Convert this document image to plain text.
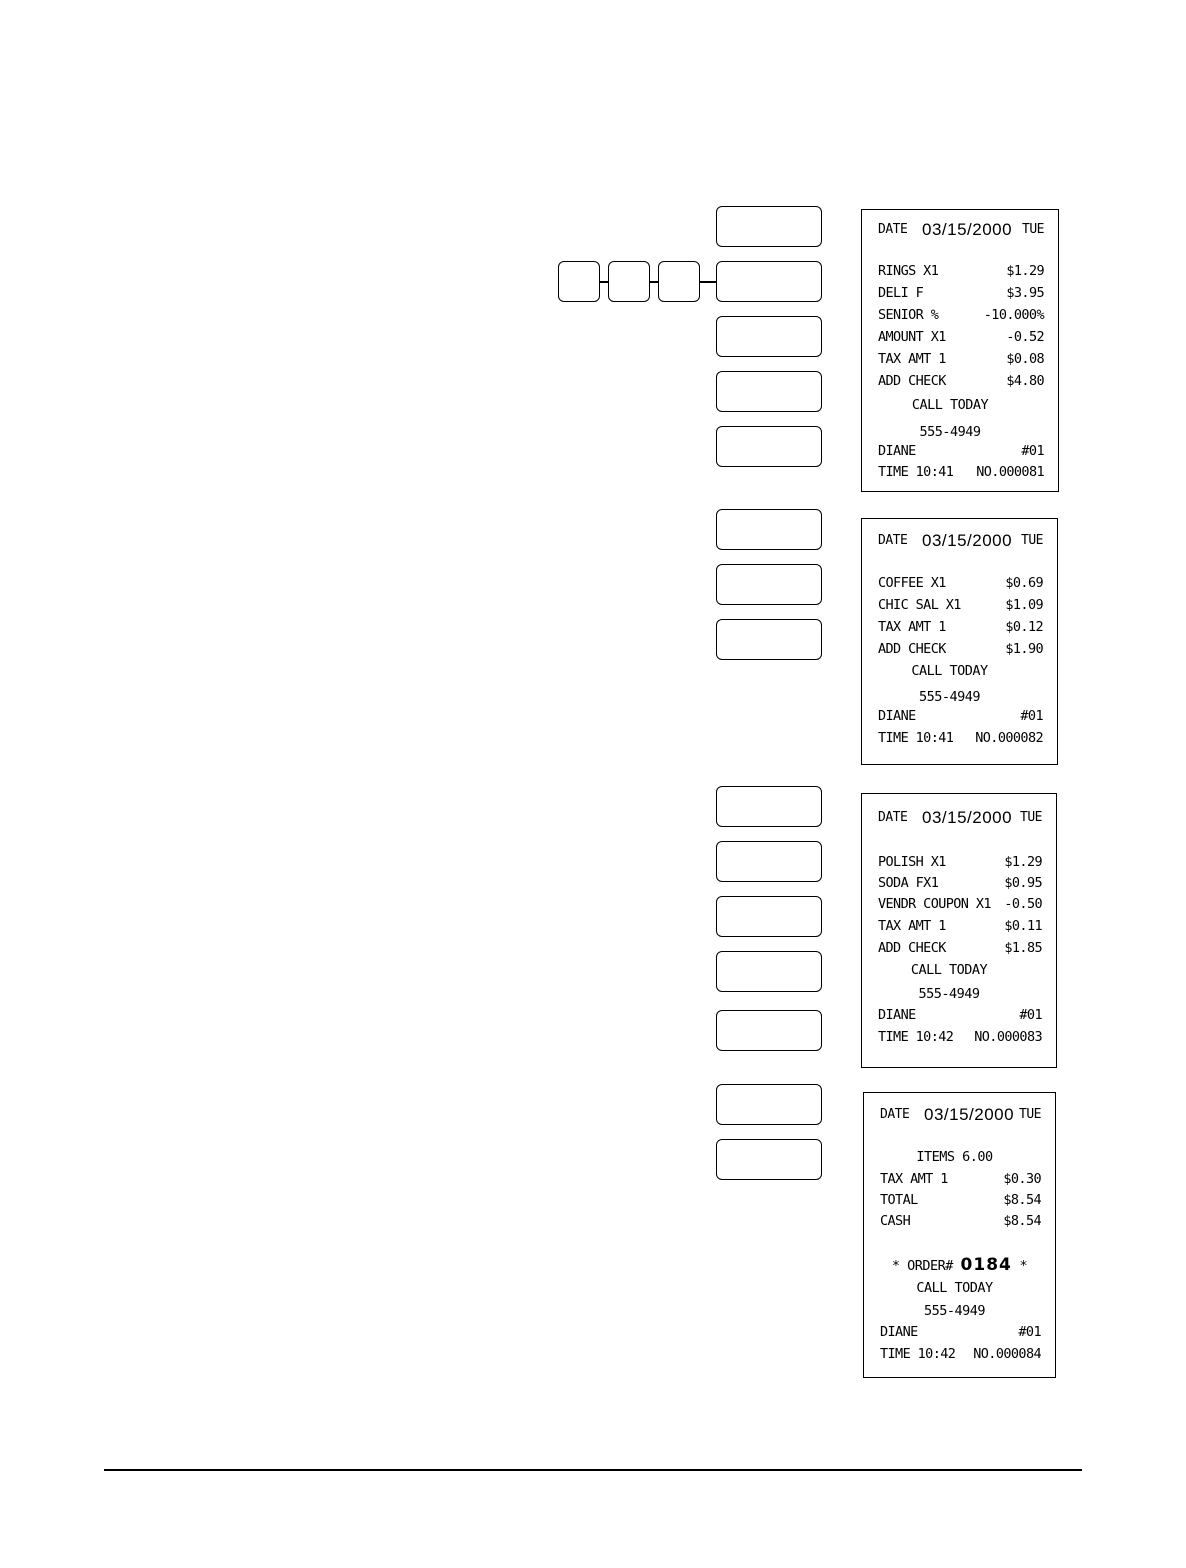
DATE 03/15/2000 TUE
RINGS X1	$1.29
DELI F	$3.95
SENIOR %	-10.000%
AMOUNT X1	-0.52
TAX AMT 1	$0.08
ADD CHECK	$4.80
CALL TODAY
555-4949
DIANE	#01
TIME 10:41 NO.000081
DATE 03/15/2000 TUE
COFFEE X1	$0.69
CHIC SAL X1	$1.09
TAX AMT 1	$0.12
ADD CHECK	$1.90
CALL TODAY
555-4949
DIANE	#01
TIME 10:41 NO.000082
DATE 03/15/2000 TUE
POLISH X1	$1.29
SODA FX1	$0.95
VENDR COUPON X1 -0.50
TAX AMT 1	$0.11
ADD CHECK	$1.85
CALL TODAY
555-4949
DIANE	#01
TIME 10:42 NO.000083
DATE 03/15/2000 TUE
ITEMS 6.00
TAX AMT 1	$0.30
TOTAL	$8.54
CASH	$8.54
* ORDER# 0184 *
CALL TODAY
555-4949
DIANE	#01
TIME 10:42 NO.000084
